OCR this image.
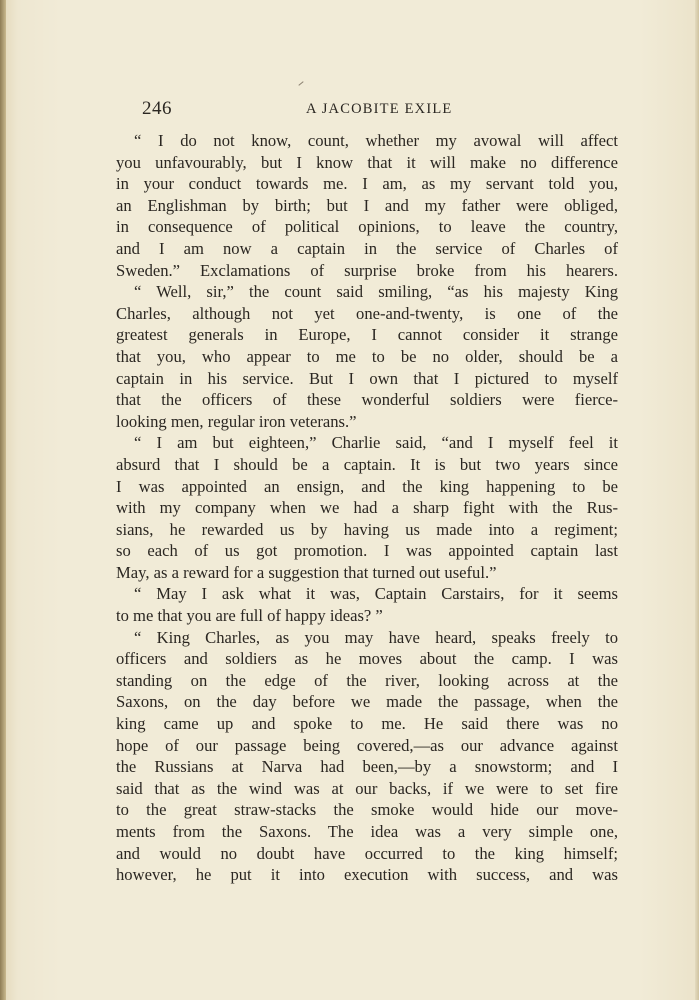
246	A JACOBITE EXILE
“ I do not know, count, whether my avowal will affect
you unfavourably, but I know that it will make no difference
in your conduct towards me. I am, as my servant told you,
an Englishman by birth; but I and my father were obliged,
in consequence of political opinions, to leave the country,
and I am now a captain in the service of Charles of
Sweden.” Exclamations of surprise broke from his hearers.
“ Well, sir,” the count said smiling, “as his majesty King
Charles, although not yet one-and-twenty, is one of the
greatest generals in Europe, I cannot consider it strange
that you, who appear to me to be no older, should be a
captain in his service. But I own that I pictured to myself
that the officers of these wonderful soldiers were fierce-
looking men, regular iron veterans.”
“ I am but eighteen,” Charlie said, “and I myself feel it
absurd that I should be a captain. It is but two years since
I was appointed an ensign, and the king happening to be
with my company when we had a sharp fight with the Rus-
sians, he rewarded us by having us made into a regiment;
so each of us got promotion. I was appointed captain last
May, as a reward for a suggestion that turned out useful.”
“ May I ask what it was, Captain Carstairs, for it seems
to me that you are full of happy ideas? ”
“ King Charles, as you may have heard, speaks freely to
officers and soldiers as he moves about the camp. I was
standing on the edge of the river, looking across at the
Saxons, on the day before we made the passage, when the
king came up and spoke to me. He said there was no
hope of our passage being covered,—as our advance against
the Russians at Narva had been,—by a snowstorm; and I
said that as the wind was at our backs, if we were to set fire
to the great straw-stacks the smoke would hide our move-
ments from the Saxons. The idea was a very simple one,
and would no doubt have occurred to the king himself;
however, he put it into execution with success, and was
